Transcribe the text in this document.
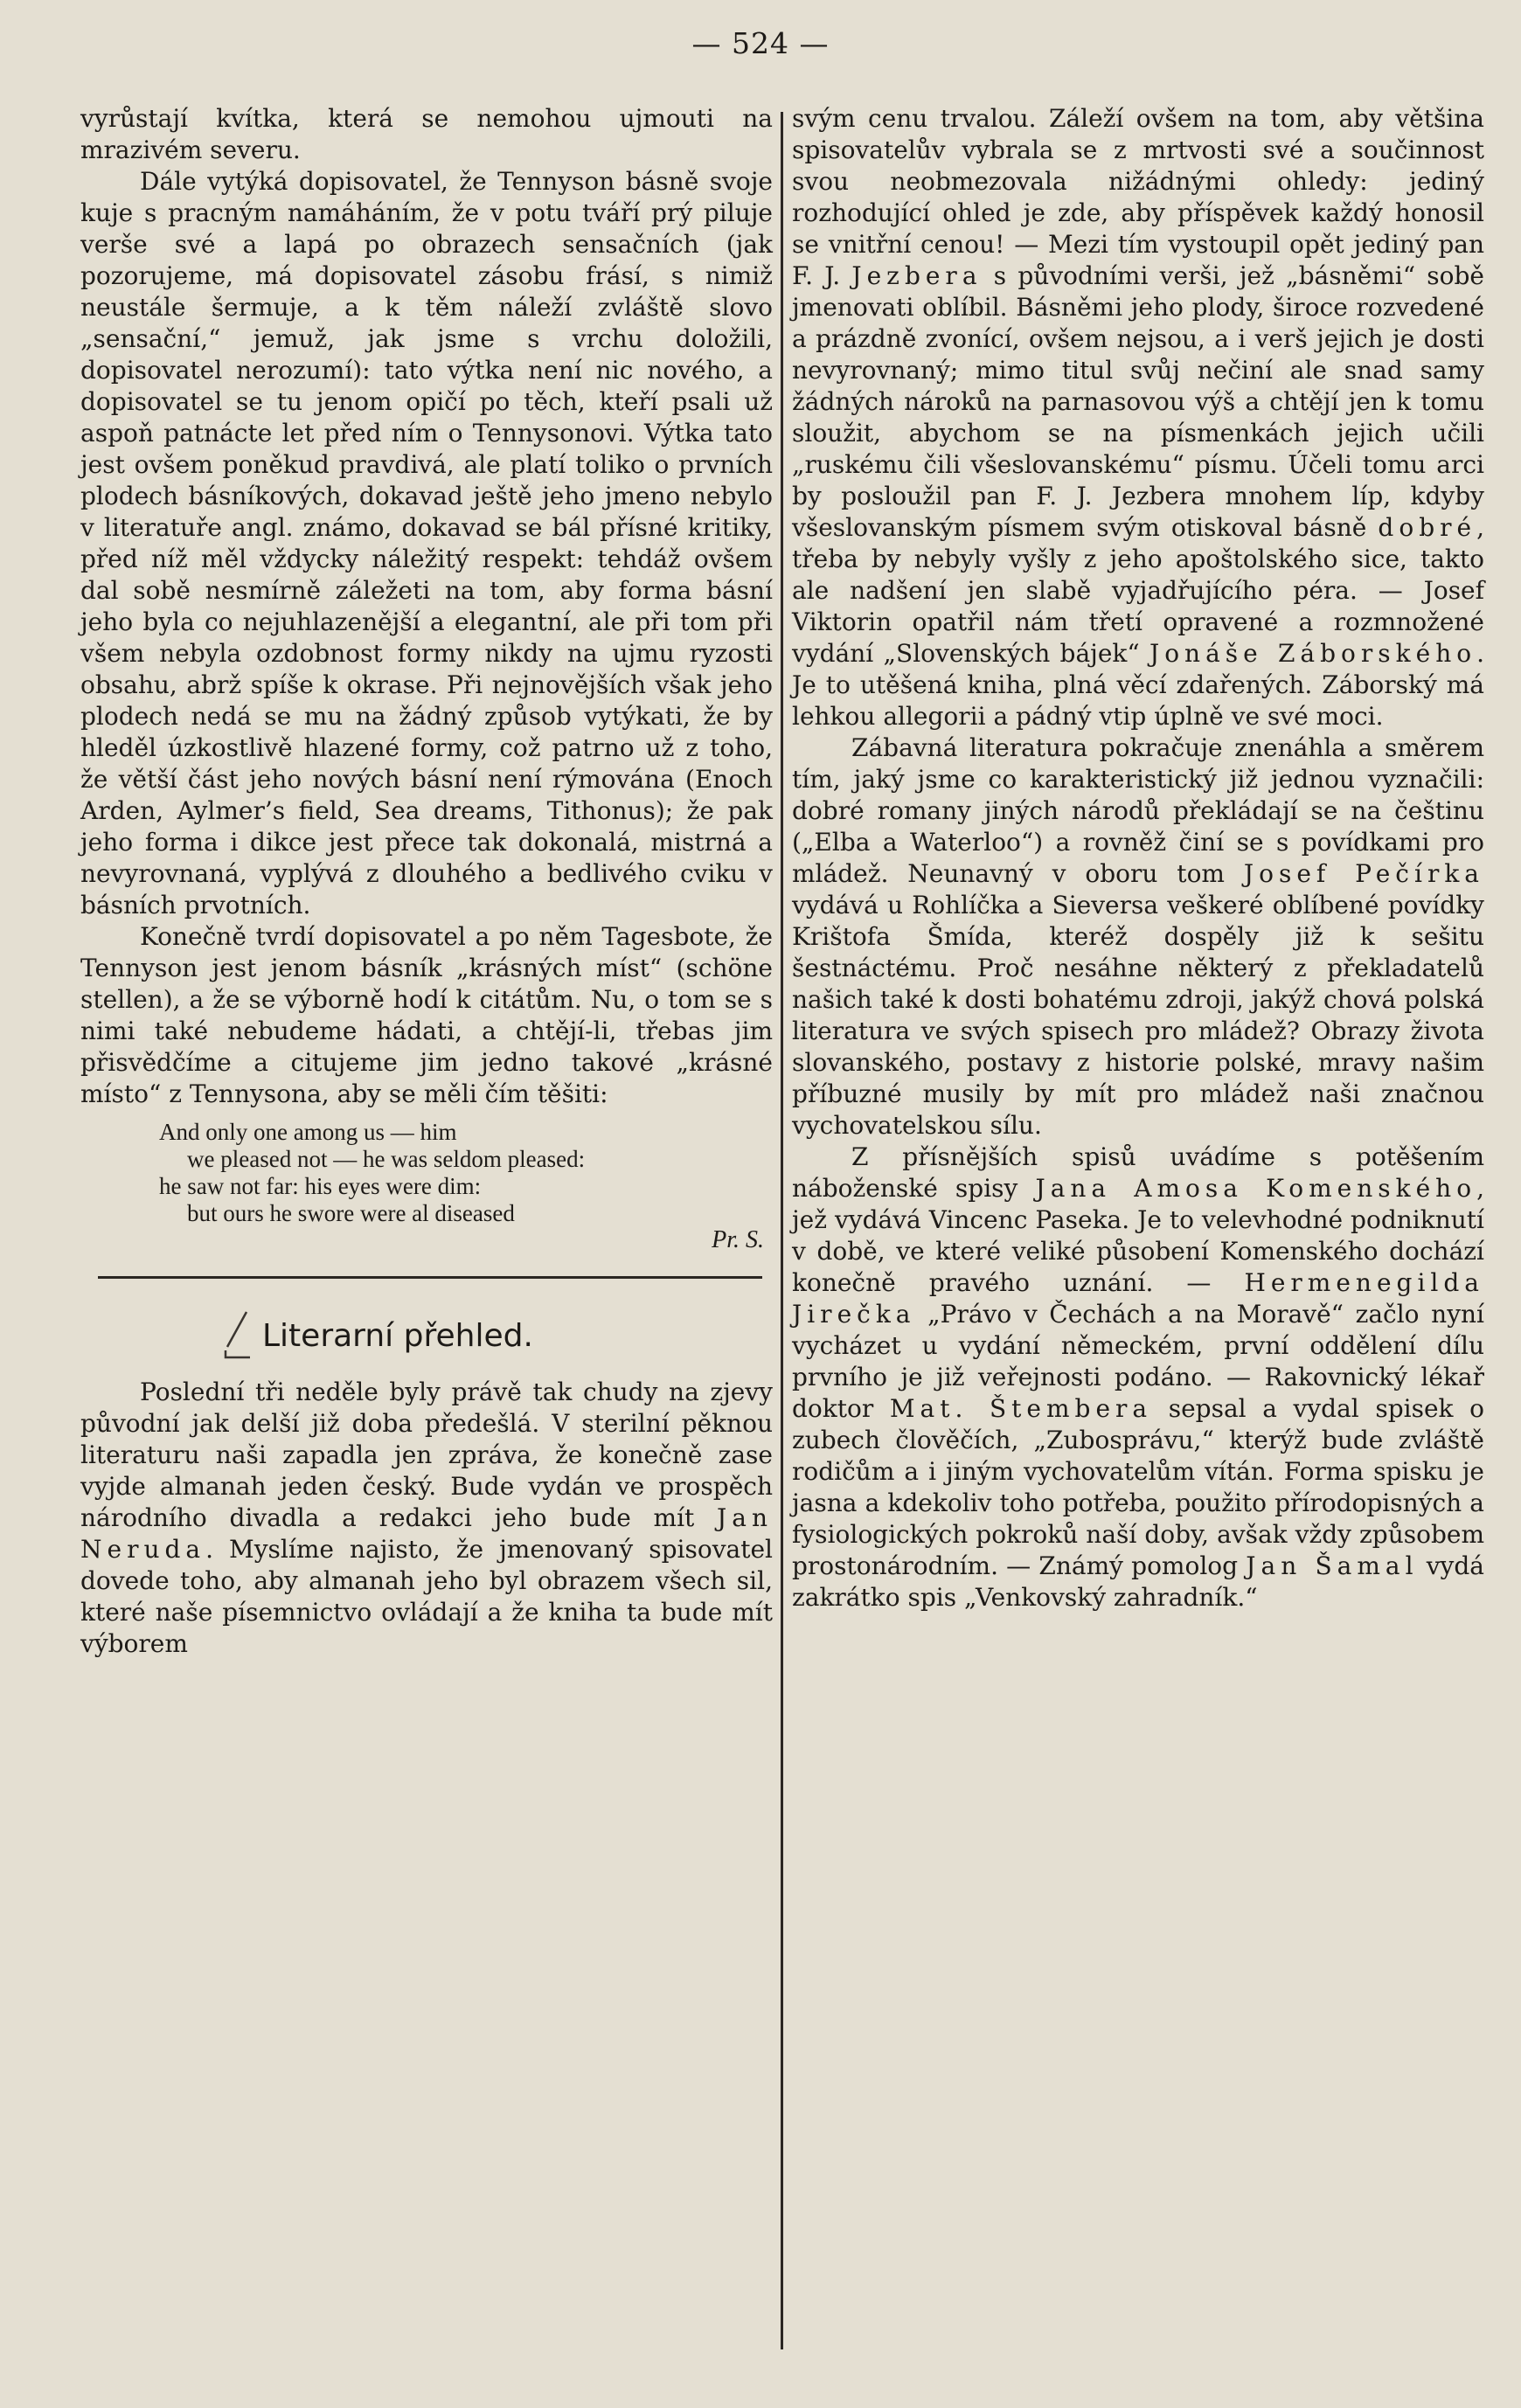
— 524 —

vyrůstají kvítka, která se nemohou ujmouti na mrazivém severu.

Dále vytýká dopisovatel, že Tennyson básně svoje kuje s pracným namáháním, že v potu tváří prý piluje verše své a lapá po obrazech sensačních (jak pozorujeme, má dopisovatel zásobu frásí, s nimiž neustále šermuje, a k těm náleží zvláště slovo „sensační,“ jemuž, jak jsme s vrchu doložili, dopisovatel nerozumí): tato výtka není nic nového, a dopisovatel se tu jenom opičí po těch, kteří psali už aspoň patnácte let před ním o Tennysonovi. Výtka tato jest ovšem poněkud pravdivá, ale platí toliko o prvních plodech básníkových, dokavad ještě jeho jmeno nebylo v literatuře angl. známo, dokavad se bál přísné kritiky, před níž měl vždycky náležitý respekt: tehdáž ovšem dal sobě nesmírně záležeti na tom, aby forma básní jeho byla co nejuhlazenější a elegantní, ale při tom při všem nebyla ozdobnost formy nikdy na ujmu ryzosti obsahu, abrž spíše k okrase. Při nejnovějších však jeho plodech nedá se mu na žádný způsob vytýkati, že by hleděl úzkostlivě hlazené formy, což patrno už z toho, že větší část jeho nových básní není rýmována (Enoch Arden, Aylmer’s field, Sea dreams, Tithonus); že pak jeho forma i dikce jest přece tak dokonalá, mistrná a nevyrovnaná, vyplývá z dlouhého a bedlivého cviku v básních prvotních.

Konečně tvrdí dopisovatel a po něm Tagesbote, že Tennyson jest jenom básník „krásných míst“ (schöne stellen), a že se výborně hodí k citátům. Nu, o tom se s nimi také nebudeme hádati, a chtějí-li, třebas jim přisvědčíme a citujeme jim jedno takové „krásné místo“ z Tennysona, aby se měli čím těšiti:

And only one among us — him
we pleased not — he was seldom pleased:
he saw not far: his eyes were dim:
but ours he swore were al diseased
Pr. S.
Literarní přehled.

Poslední tři neděle byly právě tak chudy na zjevy původní jak delší již doba předešlá. V sterilní pěknou literaturu naši zapadla jen zpráva, že konečně zase vyjde almanah jeden český. Bude vydán ve prospěch národního divadla a redakci jeho bude mít Jan Neruda. Myslíme najisto, že jmenovaný spisovatel dovede toho, aby almanah jeho byl obrazem všech sil, které naše písemnictvo ovládají a že kniha ta bude mít výborem

svým cenu trvalou. Záleží ovšem na tom, aby většina spisovatelův vybrala se z mrtvosti své a součinnost svou neobmezovala nižádnými ohledy: jediný rozhodující ohled je zde, aby příspěvek každý honosil se vnitřní cenou! — Mezi tím vystoupil opět jediný pan F. J. Jezbera s původními verši, jež „básněmi“ sobě jmenovati oblíbil. Básněmi jeho plody, široce rozvedené a prázdně zvonící, ovšem nejsou, a i verš jejich je dosti nevyrovnaný; mimo titul svůj nečiní ale snad samy žádných nároků na parnasovou výš a chtějí jen k tomu sloužit, abychom se na písmenkách jejich učili „ruskému čili všeslovanskému“ písmu. Účeli tomu arci by posloužil pan F. J. Jezbera mnohem líp, kdyby všeslovanským písmem svým otiskoval básně dobré, třeba by nebyly vyšly z jeho apoštolského sice, takto ale nadšení jen slabě vyjadřujícího péra. — Josef Viktorin opatřil nám třetí opravené a rozmnožené vydání „Slovenských bájek“ Jonáše Záborského. Je to utěšená kniha, plná věcí zdařených. Záborský má lehkou allegorii a pádný vtip úplně ve své moci.

Zábavná literatura pokračuje znenáhla a směrem tím, jaký jsme co karakteristický již jednou vyznačili: dobré romany jiných národů překládají se na češtinu („Elba a Waterloo“) a rovněž činí se s povídkami pro mládež. Neunavný v oboru tom Josef Pečírka vydává u Rohlíčka a Sieversa veškeré oblíbené povídky Krištofa Šmída, kteréž dospěly již k sešitu šestnáctému. Proč nesáhne některý z překladatelů našich také k dosti bohatému zdroji, jakýž chová polská literatura ve svých spisech pro mládež? Obrazy života slovanského, postavy z historie polské, mravy našim příbuzné musily by mít pro mládež naši značnou vychovatelskou sílu.

Z přísnějších spisů uvádíme s potěšením náboženské spisy Jana Amosa Komenského, jež vydává Vincenc Paseka. Je to velevhodné podniknutí v době, ve které veliké působení Komenského dochází konečně pravého uznání. — Hermenegilda Jirečka „Právo v Čechách a na Moravě“ začlo nyní vycházet u vydání německém, první oddělení dílu prvního je již veřejnosti podáno. — Rakovnický lékař doktor Mat. Štembera sepsal a vydal spisek o zubech člověčích, „Zubosprávu,“ kterýž bude zvláště rodičům a i jiným vychovatelům vítán. Forma spisku je jasna a kdekoliv toho potřeba, použito přírodopisných a fysiologických pokroků naší doby, avšak vždy způsobem prostonárodním. — Známý pomolog Jan Šamal vydá zakrátko spis „Venkovský zahradník.“
